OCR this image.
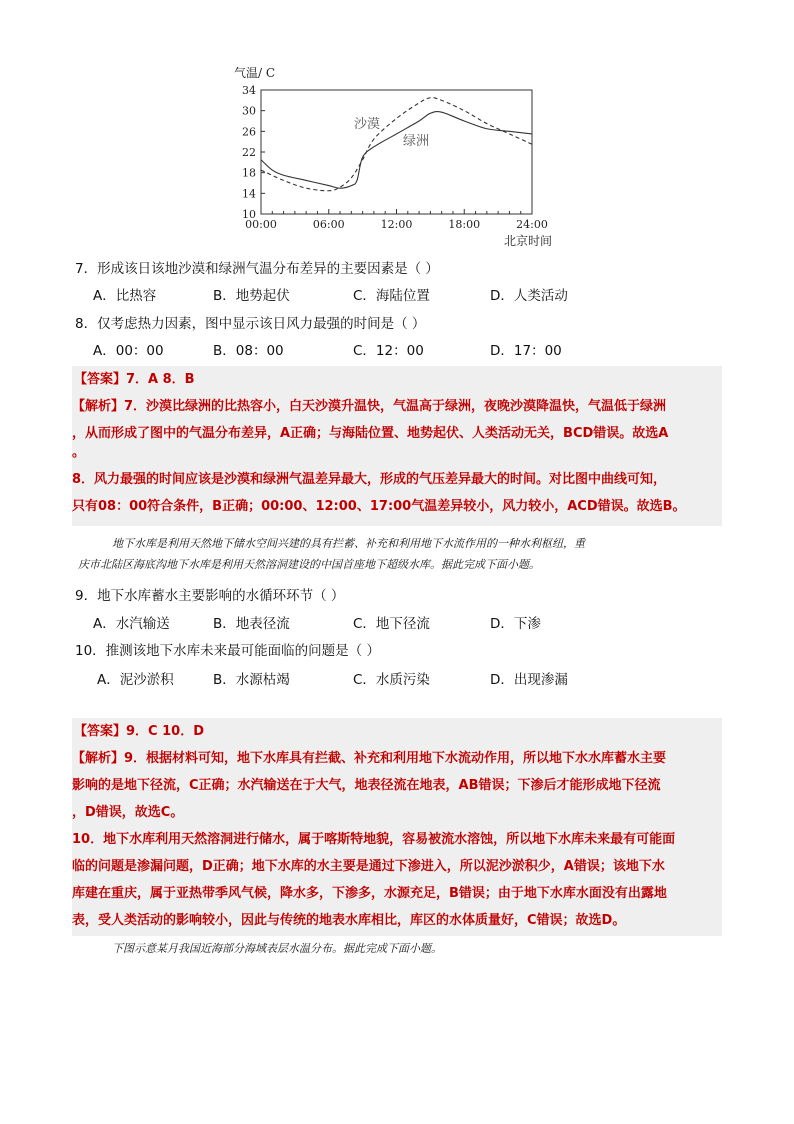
气温/ C
北京时间
10
14
18
22
26
30
34
00:00	06:00	12:00	18:00	24:00
沙漠
绿洲
7．形成该日该地沙漠和绿洲气温分布差异的主要因素是（ ）
A．比热容	B．地势起伏	C．海陆位置	D．人类活动
8．仅考虑热力因素，图中显示该日风力最强的时间是（ ）
A．00：00	B．08：00	C．12：00	D．17：00
【答案】7．A 8．B
【解析】7．沙漠比绿洲的比热容小，白天沙漠升温快，气温高于绿洲，夜晚沙漠降温快，气温低于绿洲
，从而形成了图中的气温分布差异，A正确；与海陆位置、地势起伏、人类活动无关，BCD错误。故选A
。
8．风力最强的时间应该是沙漠和绿洲气温差异最大，形成的气压差异最大的时间。对比图中曲线可知，
只有08：00符合条件，B正确；00:00、12:00、17:00气温差异较小，风力较小，ACD错误。故选B。
地下水库是利用天然地下储水空间兴建的具有拦蓄、补充和利用地下水流作用的一种水利枢纽，重
庆市北陆区海底沟地下水库是利用天然溶洞建设的中国首座地下超级水库。据此完成下面小题。
9．地下水库蓄水主要影响的水循环环节（ ）
A．水汽输送	B．地表径流	C．地下径流	D．下渗
10．推测该地下水库未来最可能面临的问题是（ ）
A．泥沙淤积	B．水源枯竭	C．水质污染	D．出现渗漏
【答案】9．C 10．D
【解析】9．根据材料可知，地下水库具有拦截、补充和利用地下水流动作用，所以地下水水库蓄水主要
影响的是地下径流，C正确；水汽输送在于大气，地表径流在地表，AB错误；下渗后才能形成地下径流
，D错误，故选C。
10．地下水库利用天然溶洞进行储水，属于喀斯特地貌，容易被流水溶蚀，所以地下水库未来最有可能面
临的问题是渗漏问题，D正确；地下水库的水主要是通过下渗进入，所以泥沙淤积少，A错误；该地下水
库建在重庆，属于亚热带季风气候，降水多，下渗多，水源充足，B错误；由于地下水库水面没有出露地
表，受人类活动的影响较小，因此与传统的地表水库相比，库区的水体质量好，C错误；故选D。
下图示意某月我国近海部分海域表层水温分布。据此完成下面小题。
